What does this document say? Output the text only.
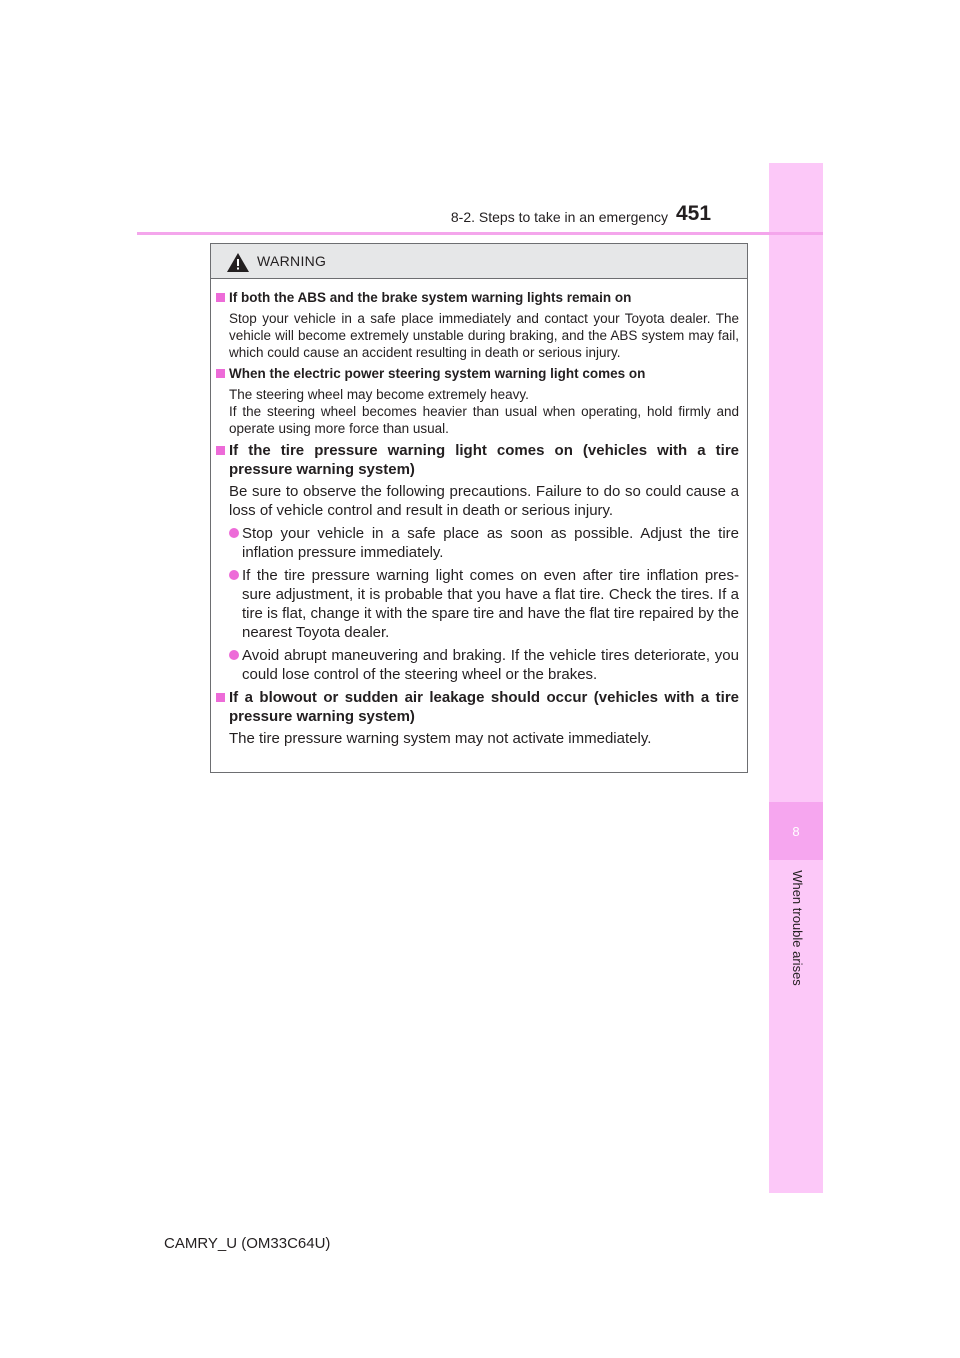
8
When trouble arises
8-2. Steps to take in an emergency 451
WARNING
If both the ABS and the brake system warning lights remain on
Stop your vehicle in a safe place immediately and contact your Toyota dealer. The vehicle will become extremely unstable during braking, and the ABS system may fail, which could cause an accident resulting in death or serious injury.
When the electric power steering system warning light comes on
The steering wheel may become extremely heavy.
If the steering wheel becomes heavier than usual when operating, hold firmly and operate using more force than usual.
If the tire pressure warning light comes on (vehicles with a tire pressure warning system)
Be sure to observe the following precautions. Failure to do so could cause a loss of vehicle control and result in death or serious injury.
Stop your vehicle in a safe place as soon as possible. Adjust the tire inflation pressure immediately.
If the tire pressure warning light comes on even after tire inflation pres-sure adjustment, it is probable that you have a flat tire. Check the tires. If a tire is flat, change it with the spare tire and have the flat tire repaired by the nearest Toyota dealer.
Avoid abrupt maneuvering and braking. If the vehicle tires deteriorate, you could lose control of the steering wheel or the brakes.
If a blowout or sudden air leakage should occur (vehicles with a tire pressure warning system)
The tire pressure warning system may not activate immediately.
CAMRY_U (OM33C64U)
